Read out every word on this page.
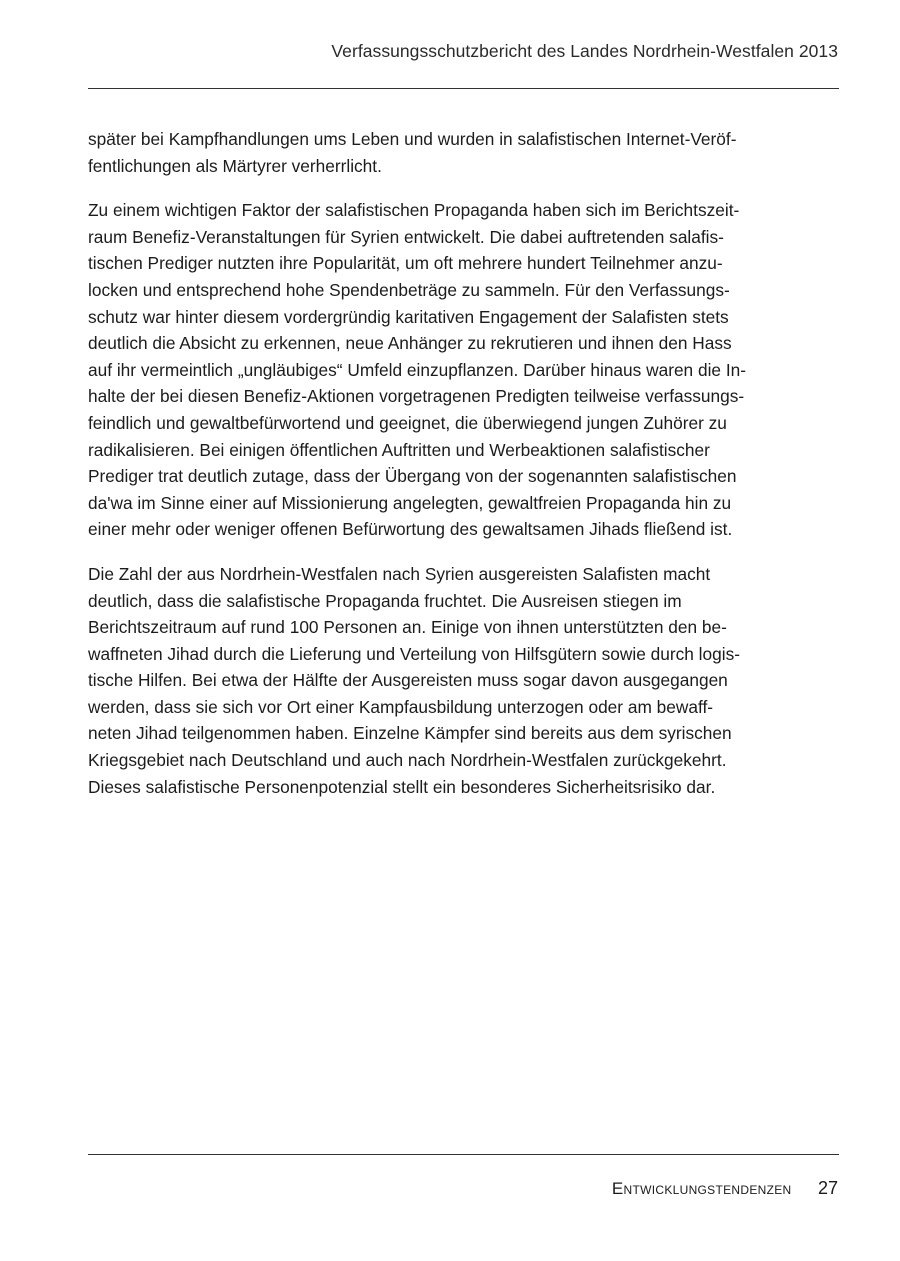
Verfassungsschutzbericht des Landes Nordrhein-Westfalen 2013

später bei Kampfhandlungen ums Leben und wurden in salafistischen Internet-Veröf-
fentlichungen als Märtyrer verherrlicht.

Zu einem wichtigen Faktor der salafistischen Propaganda haben sich im Berichtszeit-
raum Benefiz-Veranstaltungen für Syrien entwickelt. Die dabei auftretenden salafis-
tischen Prediger nutzten ihre Popularität, um oft mehrere hundert Teilnehmer anzu-
locken und entsprechend hohe Spendenbeträge zu sammeln. Für den Verfassungs-
schutz war hinter diesem vordergründig karitativen Engagement der Salafisten stets
deutlich die Absicht zu erkennen, neue Anhänger zu rekrutieren und ihnen den Hass
auf ihr vermeintlich „ungläubiges“ Umfeld einzupflanzen. Darüber hinaus waren die In-
halte der bei diesen Benefiz-Aktionen vorgetragenen Predigten teilweise verfassungs-
feindlich und gewaltbefürwortend und geeignet, die überwiegend jungen Zuhörer zu
radikalisieren. Bei einigen öffentlichen Auftritten und Werbeaktionen salafistischer
Prediger trat deutlich zutage, dass der Übergang von der sogenannten salafistischen
da'wa im Sinne einer auf Missionierung angelegten, gewaltfreien Propaganda hin zu
einer mehr oder weniger offenen Befürwortung des gewaltsamen Jihads fließend ist.

Die Zahl der aus Nordrhein-Westfalen nach Syrien ausgereisten Salafisten macht
deutlich, dass die salafistische Propaganda fruchtet. Die Ausreisen stiegen im
Berichtszeitraum auf rund 100 Personen an. Einige von ihnen unterstützten den be-
waffneten Jihad durch die Lieferung und Verteilung von Hilfsgütern sowie durch logis-
tische Hilfen. Bei etwa der Hälfte der Ausgereisten muss sogar davon ausgegangen
werden, dass sie sich vor Ort einer Kampfausbildung unterzogen oder am bewaff-
neten Jihad teilgenommen haben. Einzelne Kämpfer sind bereits aus dem syrischen
Kriegsgebiet nach Deutschland und auch nach Nordrhein-Westfalen zurückgekehrt.
Dieses salafistische Personenpotenzial stellt ein besonderes Sicherheitsrisiko dar.

Entwicklungstendenzen 27
